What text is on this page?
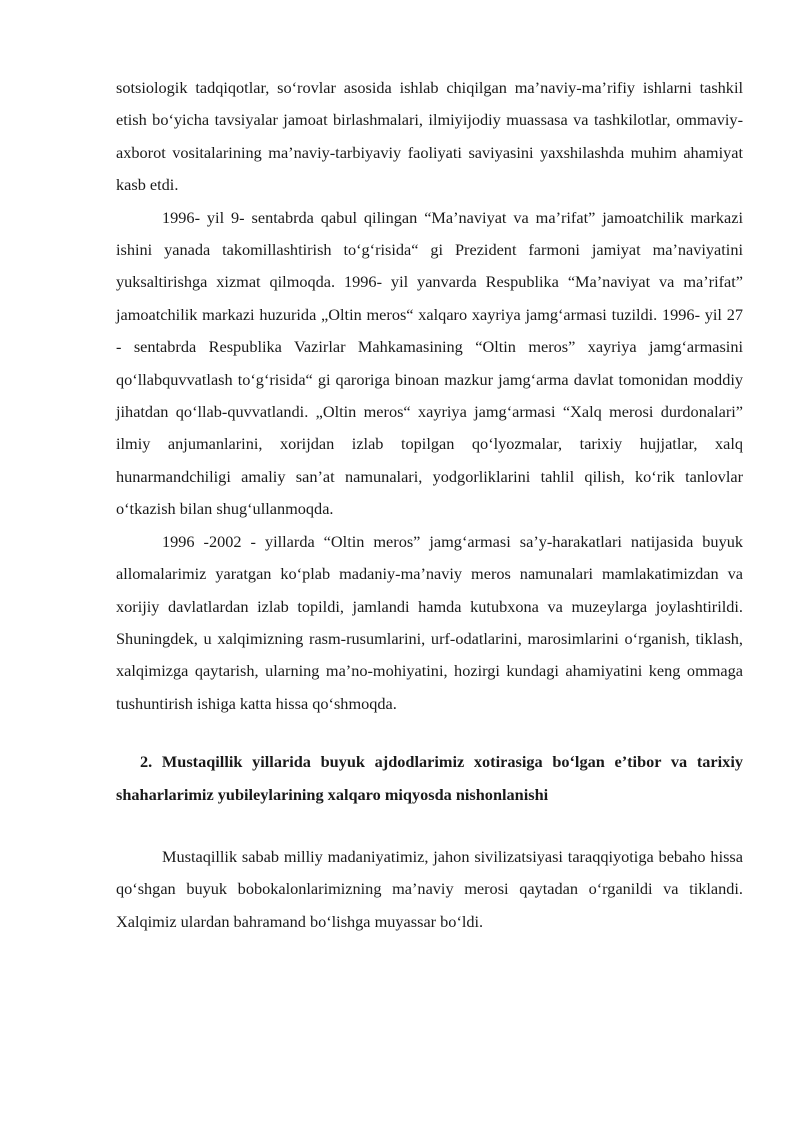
sotsiologik tadqiqotlar, so‘rovlar asosida ishlab chiqilgan ma’naviy-ma’rifiy ishlarni tashkil etish bo‘yicha tavsiyalar jamoat birlashmalari, ilmiyijodiy muassasa va tashkilotlar, ommaviy-axborot vositalarining ma’naviy-tarbiyaviy faoliyati saviyasini yaxshilashda muhim ahamiyat kasb etdi.

1996- yil 9- sentabrda qabul qilingan “Ma’naviyat va ma’rifat” jamoatchilik markazi ishini yanada takomillashtirish to‘g‘risida“ gi Prezident farmoni jamiyat ma’naviyatini yuksaltirishga xizmat qilmoqda. 1996- yil yanvarda Respublika “Ma’naviyat va ma’rifat” jamoatchilik markazi huzurida „Oltin meros“ xalqaro xayriya jamg‘armasi tuzildi. 1996- yil 27 - sentabrda Respublika Vazirlar Mahkamasining “Oltin meros” xayriya jamg‘armasini qo‘llabquvvatlash to‘g‘risida“ gi qaroriga binoan mazkur jamg‘arma davlat tomonidan moddiy jihatdan qo‘llab-quvvatlandi. „Oltin meros“ xayriya jamg‘armasi “Xalq merosi durdonalari” ilmiy anjumanlarini, xorijdan izlab topilgan qo‘lyozmalar, tarixiy hujjatlar, xalq hunarmandchiligi amaliy san’at namunalari, yodgorliklarini tahlil qilish, ko‘rik tanlovlar o‘tkazish bilan shug‘ullanmoqda.

1996 -2002 - yillarda “Oltin meros” jamg‘armasi sa’y-harakatlari natijasida buyuk allomalarimiz yaratgan ko‘plab madaniy-ma’naviy meros namunalari mamlakatimizdan va xorijiy davlatlardan izlab topildi, jamlandi hamda kutubxona va muzeylarga joylashtirildi. Shuningdek, u xalqimizning rasm-rusumlarini, urf-odatlarini, marosimlarini o‘rganish, tiklash, xalqimizga qaytarish, ularning ma’no-mohiyatini, hozirgi kundagi ahamiyatini keng ommaga tushuntirish ishiga katta hissa qo‘shmoqda.

2. Mustaqillik yillarida buyuk ajdodlarimiz xotirasiga bo‘lgan e’tibor va tarixiy shaharlarimiz yubileylarining xalqaro miqyosda nishonlanishi

Mustaqillik sabab milliy madaniyatimiz, jahon sivilizatsiyasi taraqqiyotiga bebaho hissa qo‘shgan buyuk bobokalonlarimizning ma’naviy merosi qaytadan o‘rganildi va tiklandi. Xalqimiz ulardan bahramand bo‘lishga muyassar bo‘ldi.
